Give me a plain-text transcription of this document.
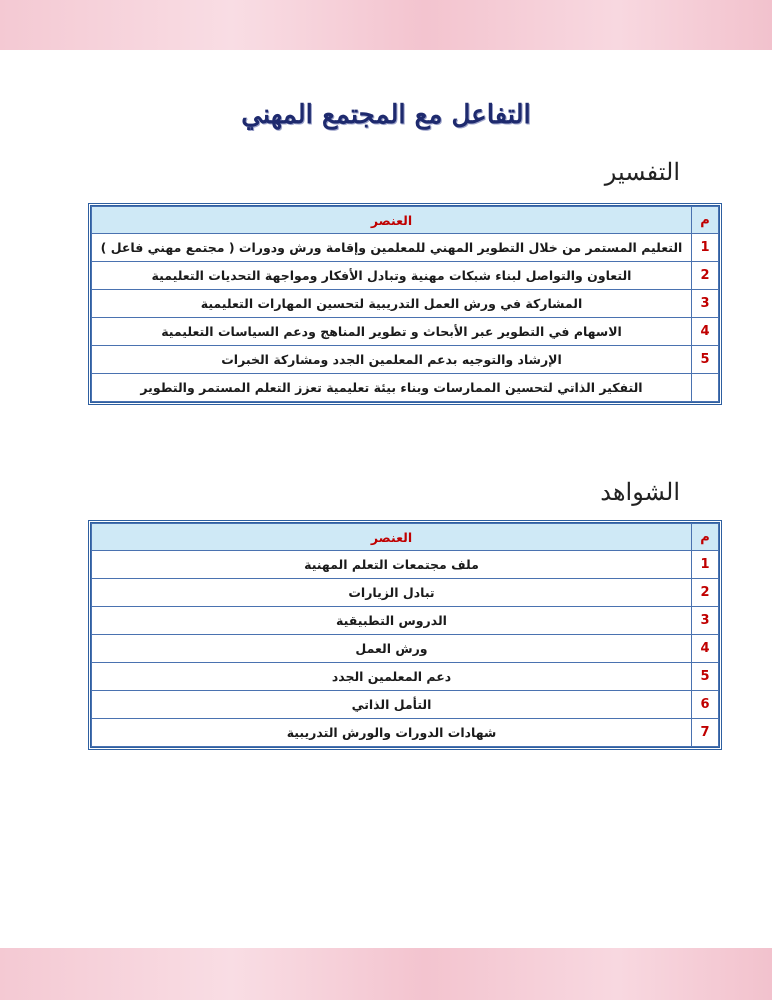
التفاعل مع المجتمع المهني
التفسير
م	العنصر
1	التعليم المستمر من خلال التطوير المهني للمعلمين وإقامة ورش ودورات ( مجتمع مهني فاعل )
2	التعاون والتواصل لبناء شبكات مهنية وتبادل الأفكار ومواجهة التحديات التعليمية
3	المشاركة في ورش العمل التدريبية لتحسين المهارات التعليمية
4	الاسهام في التطوير عبر الأبحاث و تطوير المناهج ودعم السياسات التعليمية
5	الإرشاد والتوجيه بدعم المعلمين الجدد ومشاركة الخبرات
	التفكير الذاتي لتحسين الممارسات وبناء بيئة تعليمية تعزز التعلم المستمر والتطوير
الشواهد
م	العنصر
1	ملف مجتمعات التعلم المهنية
2	تبادل الزيارات
3	الدروس التطبيقية
4	ورش العمل
5	دعم المعلمين الجدد
6	التأمل الذاتي
7	شهادات الدورات والورش التدريبية
